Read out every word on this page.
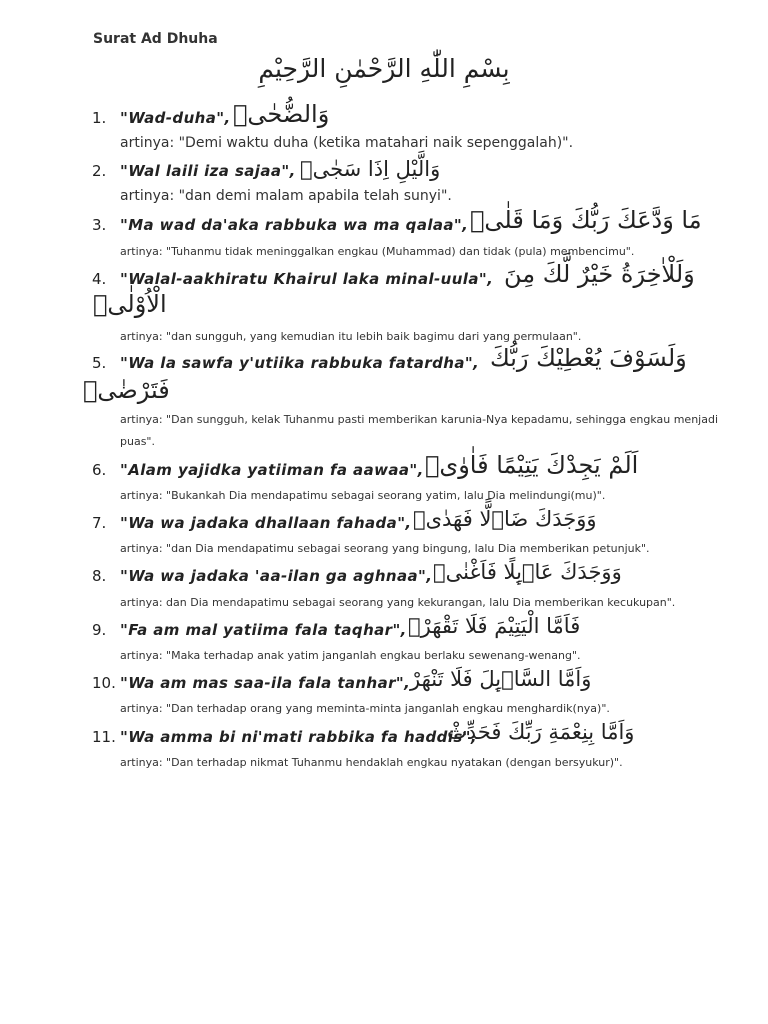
Surat Ad Dhuha
بِسْمِ اللّٰهِ الرَّحْمٰنِ الرَّحِيْمِ
1. "Wad-duha", وَالضُّحٰىۙ
artinya: "Demi waktu duha (ketika matahari naik sepenggalah)".
2. "Wal laili iza sajaa", وَالَّيْلِ اِذَا سَجٰىۙ
artinya: "dan demi malam apabila telah sunyi".
3. "Ma wad da'aka rabbuka wa ma qalaa", مَا وَدَّعَكَ رَبُّكَ وَمَا قَلٰىۗ
artinya: "Tuhanmu tidak meninggalkan engkau (Muhammad) dan tidak (pula) membencimu".
4. "Walal-aakhiratu Khairul laka minal-uula", وَلَلْاٰخِرَةُ خَيْرٌ لَّكَ مِنَ
الْاُوْلٰىۗ
artinya: "dan sungguh, yang kemudian itu lebih baik bagimu dari yang permulaan".
5. "Wa la sawfa y'utiika rabbuka fatardha", وَلَسَوْفَ يُعْطِيْكَ رَبُّكَ
فَتَرْضٰىۗ
artinya: "Dan sungguh, kelak Tuhanmu pasti memberikan karunia-Nya kepadamu, sehingga engkau menjadi puas".
6. "Alam yajidka yatiiman fa aawaa", اَلَمْ يَجِدْكَ يَتِيْمًا فَاٰوٰىۖ
artinya: "Bukankah Dia mendapatimu sebagai seorang yatim, lalu Dia melindungi(mu)".
7. "Wa wa jadaka dhallaan fahada", وَوَجَدَكَ ضَاۤلًّا فَهَدٰىۖ
artinya: "dan Dia mendapatimu sebagai seorang yang bingung, lalu Dia memberikan petunjuk".
8. "Wa wa jadaka 'aa-ilan ga aghnaa", وَوَجَدَكَ عَاۤىِٕلًا فَاَغْنٰىۗ
artinya: dan Dia mendapatimu sebagai seorang yang kekurangan, lalu Dia memberikan kecukupan".
9. "Fa am mal yatiima fala taqhar", فَاَمَّا الْيَتِيْمَ فَلَا تَقْهَرْۗ
artinya: "Maka terhadap anak yatim janganlah engkau berlaku sewenang-wenang".
10. "Wa am mas saa-ila fala tanhar", وَاَمَّا السَّاۤىِٕلَ فَلَا تَنْهَرْ
artinya: "Dan terhadap orang yang meminta-minta janganlah engkau menghardik(nya)".
11. "Wa amma bi ni'mati rabbika fa haddis",
وَاَمَّا بِنِعْمَةِ رَبِّكَ فَحَدِّثْ
artinya: "Dan terhadap nikmat Tuhanmu hendaklah engkau nyatakan (dengan bersyukur)".
